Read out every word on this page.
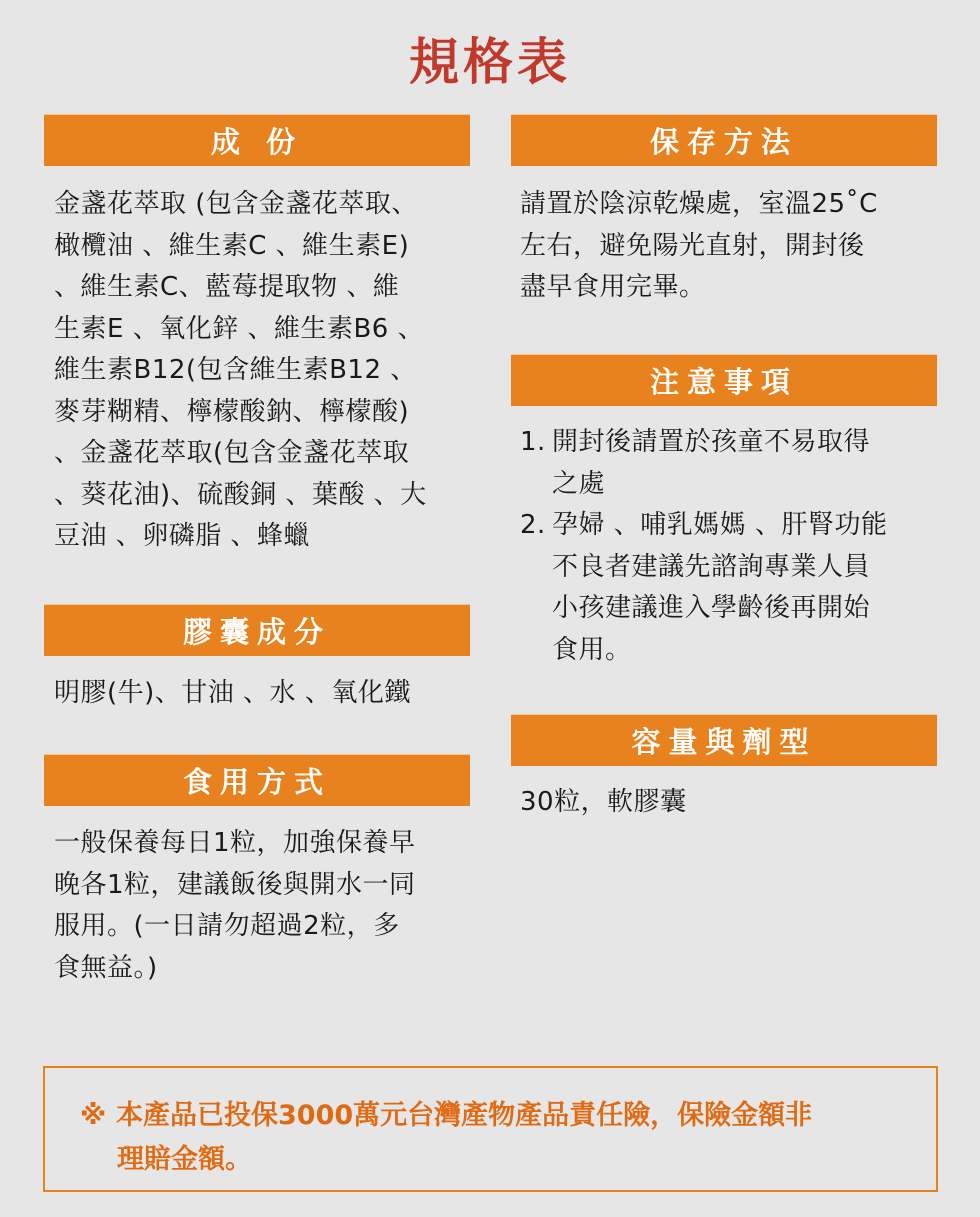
規格表
成 份
金盞花萃取 (包含金盞花萃取、
橄欖油 、維生素C 、維生素E)
、維生素C、藍莓提取物 、維
生素E 、氧化鋅 、維生素B6 、
維生素B12(包含維生素B12 、
麥芽糊精、檸檬酸鈉、檸檬酸)
、金盞花萃取(包含金盞花萃取
、葵花油)、硫酸銅 、葉酸 、大
豆油 、卵磷脂 、蜂蠟
膠囊成分
明膠(牛)、甘油 、水 、氧化鐵
食用方式
一般保養每日1粒，加強保養早
晚各1粒，建議飯後與開水一同
服用。(一日請勿超過2粒，多
食無益。)
保存方法
請置於陰涼乾燥處，室溫25˚C
左右，避免陽光直射，開封後
盡早食用完畢。
注意事項
1. 開封後請置於孩童不易取得
之處
2. 孕婦 、哺乳媽媽 、肝腎功能
不良者建議先諮詢專業人員
小孩建議進入學齡後再開始
食用。
容量與劑型
30粒，軟膠囊
※ 本產品已投保3000萬元台灣產物產品責任險，保險金額非
理賠金額。
